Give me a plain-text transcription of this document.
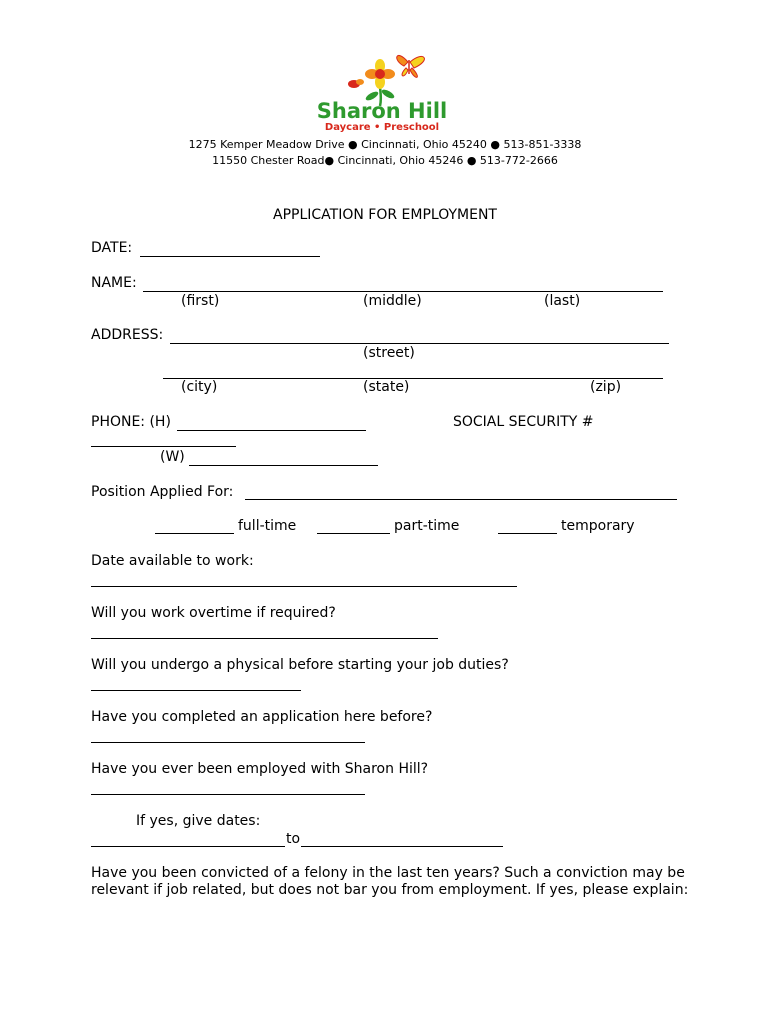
Sharon Hill
Daycare • Preschool
1275 Kemper Meadow Drive ● Cincinnati, Ohio 45240 ● 513-851-3338
11550 Chester Road● Cincinnati, Ohio 45246 ● 513-772-2666
APPLICATION FOR EMPLOYMENT
DATE:
NAME:
(first)	(middle)	(last)
ADDRESS:
(street)
(city)	(state)	(zip)
PHONE: (H)	SOCIAL SECURITY #
(W)
Position Applied For:
full-time	part-time	temporary
Date available to work:
Will you work overtime if required?
Will you undergo a physical before starting your job duties?
Have you completed an application here before?
Have you ever been employed with Sharon Hill?
If yes, give dates:
to
Have you been convicted of a felony in the last ten years? Such a conviction may be relevant if job related, but does not bar you from employment. If yes, please explain:
